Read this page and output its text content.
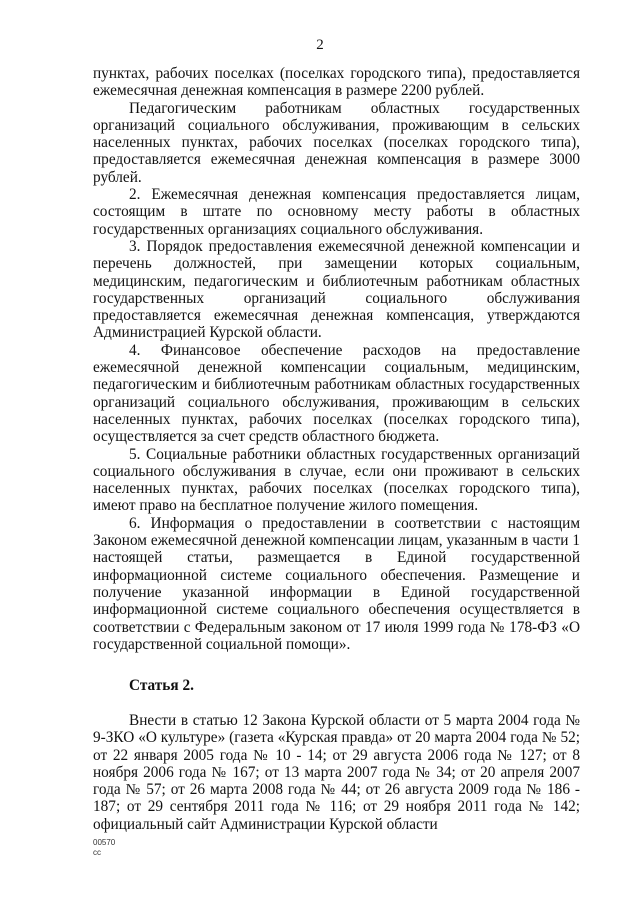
2

пунктах, рабочих поселках (поселках городского типа), предоставляется ежемесячная денежная компенсация в размере 2200 рублей.

Педагогическим работникам областных государственных организаций социального обслуживания, проживающим в сельских населенных пунктах, рабочих поселках (поселках городского типа), предоставляется ежемесячная денежная компенсация в размере 3000 рублей.

2. Ежемесячная денежная компенсация предоставляется лицам, состоящим в штате по основному месту работы в областных государственных организациях социального обслуживания.

3. Порядок предоставления ежемесячной денежной компенсации и перечень должностей, при замещении которых социальным, медицинским, педагогическим и библиотечным работникам областных государственных организаций социального обслуживания предоставляется ежемесячная денежная компенсация, утверждаются Администрацией Курской области.

4. Финансовое обеспечение расходов на предоставление ежемесячной денежной компенсации социальным, медицинским, педагогическим и библиотечным работникам областных государственных организаций социального обслуживания, проживающим в сельских населенных пунктах, рабочих поселках (поселках городского типа), осуществляется за счет средств областного бюджета.

5. Социальные работники областных государственных организаций социального обслуживания в случае, если они проживают в сельских населенных пунктах, рабочих поселках (поселках городского типа), имеют право на бесплатное получение жилого помещения.

6. Информация о предоставлении в соответствии с настоящим Законом ежемесячной денежной компенсации лицам, указанным в части 1 настоящей статьи, размещается в Единой государственной информационной системе социального обеспечения. Размещение и получение указанной информации в Единой государственной информационной системе социального обеспечения осуществляется в соответствии с Федеральным законом от 17 июля 1999 года № 178-ФЗ «О государственной социальной помощи».

Статья 2.

Внести в статью 12 Закона Курской области от 5 марта 2004 года № 9-ЗКО «О культуре» (газета «Курская правда» от 20 марта 2004 года № 52; от 22 января 2005 года № 10 - 14; от 29 августа 2006 года № 127; от 8 ноября 2006 года № 167; от 13 марта 2007 года № 34; от 20 апреля 2007 года № 57; от 26 марта 2008 года № 44; от 26 августа 2009 года № 186 - 187; от 29 сентября 2011 года № 116; от 29 ноября 2011 года № 142; официальный сайт Администрации Курской области

00570
сс
